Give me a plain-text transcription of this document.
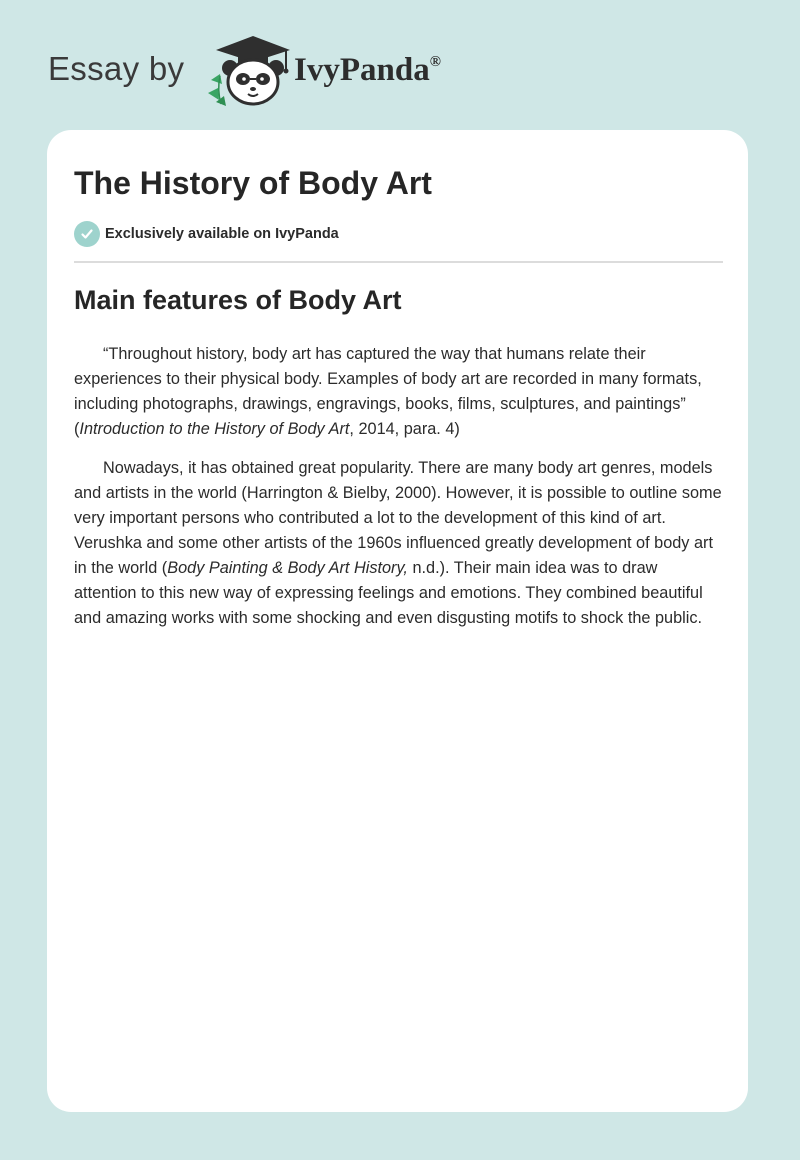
Essay by	IvyPanda®
The History of Body Art
Exclusively available on IvyPanda
Main features of Body Art

“Throughout history, body art has captured the way that humans relate their experiences to their physical body. Examples of body art are recorded in many formats, including photographs, drawings, engravings, books, films, sculptures, and paintings” (Introduction to the History of Body Art, 2014, para. 4)

Nowadays, it has obtained great popularity. There are many body art genres, models and artists in the world (Harrington & Bielby, 2000). However, it is possible to outline some very important persons who contributed a lot to the development of this kind of art. Verushka and some other artists of the 1960s influenced greatly development of body art in the world (Body Painting & Body Art History, n.d.). Their main idea was to draw attention to this new way of expressing feelings and emotions. They combined beautiful and amazing works with some shocking and even disgusting motifs to shock the public.
